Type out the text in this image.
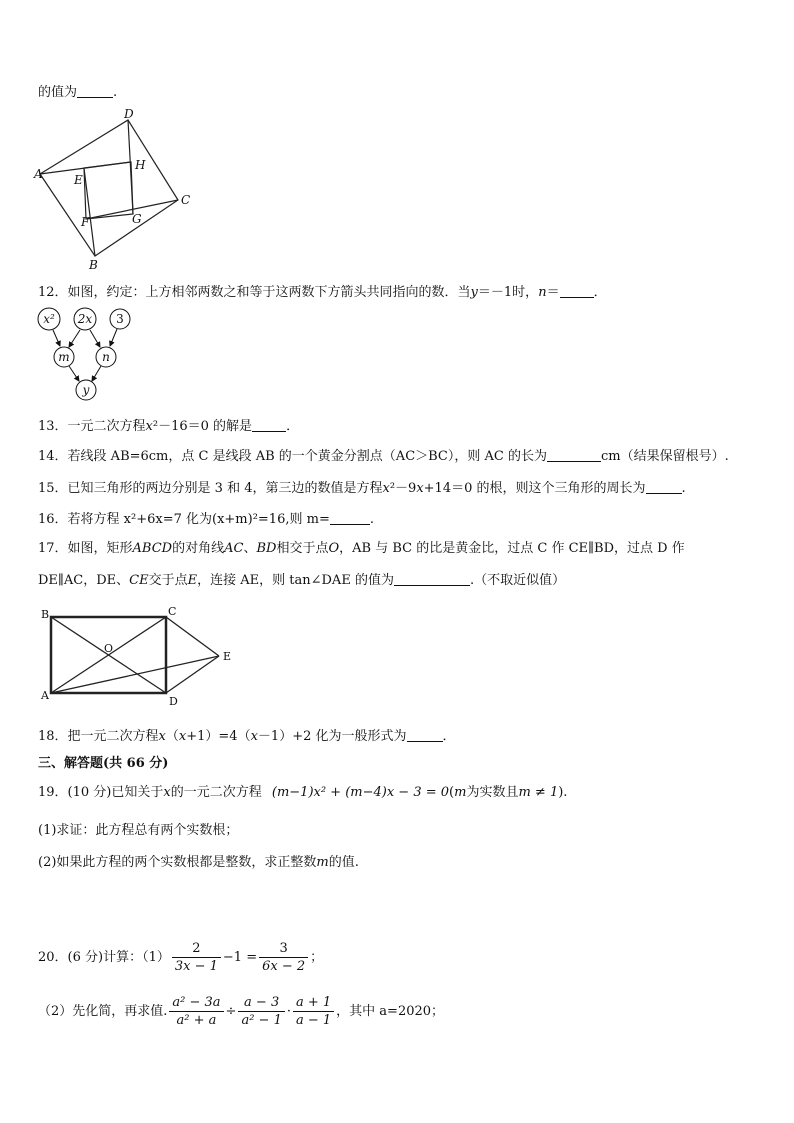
的值为	.
A
D
C
B
E
H
F	G
12．如图，约定：上方相邻两数之和等于这两数下方箭头共同指向的数．当y＝－1时，n＝	．
x² 2x 3
m	n
y
13．一元二次方程x²－16＝0 的解是	．
14．若线段 AB=6cm，点 C 是线段 AB 的一个黄金分割点（AC＞BC），则 AC 的长为	cm（结果保留根号）.
15．已知三角形的两边分别是 3 和 4，第三边的数值是方程x²－9x+14＝0 的根，则这个三角形的周长为	.
16．若将方程 x²+6x=7 化为(x+m)²=16,则 m=	.
17．如图，矩形ABCD的对角线AC、BD相交于点O，AB 与 BC 的比是黄金比，过点 C 作 CE∥BD，过点 D 作
DE∥AC，DE、CE交于点E，连接 AE，则 tan∠DAE 的值为	.（不取近似值）
B	C
A	D
E
O
18．把一元二次方程x（x+1）=4（x－1）+2 化为一般形式为	．
三、解答题(共 66 分)
19．(10 分)已知关于x的一元二次方程 (m−1)x² + (m−4)x − 3 = 0(m为实数且m ≠ 1).
(1)求证：此方程总有两个实数根；
(2)如果此方程的两个实数根都是整数，求正整数m的值.
20．(6 分)计算：$(1) \frac{2}{3x - 1} -1 = \frac{3}{6x - 2}$ ；
（2）先化简，再求值. $\frac{\text{a² − 3a}}{\text{a² + a}} \div \frac{a - 3}{\text{a² − 1}} \cdot \frac{a + 1}{a - 1}$ ，其中 a=2020；
